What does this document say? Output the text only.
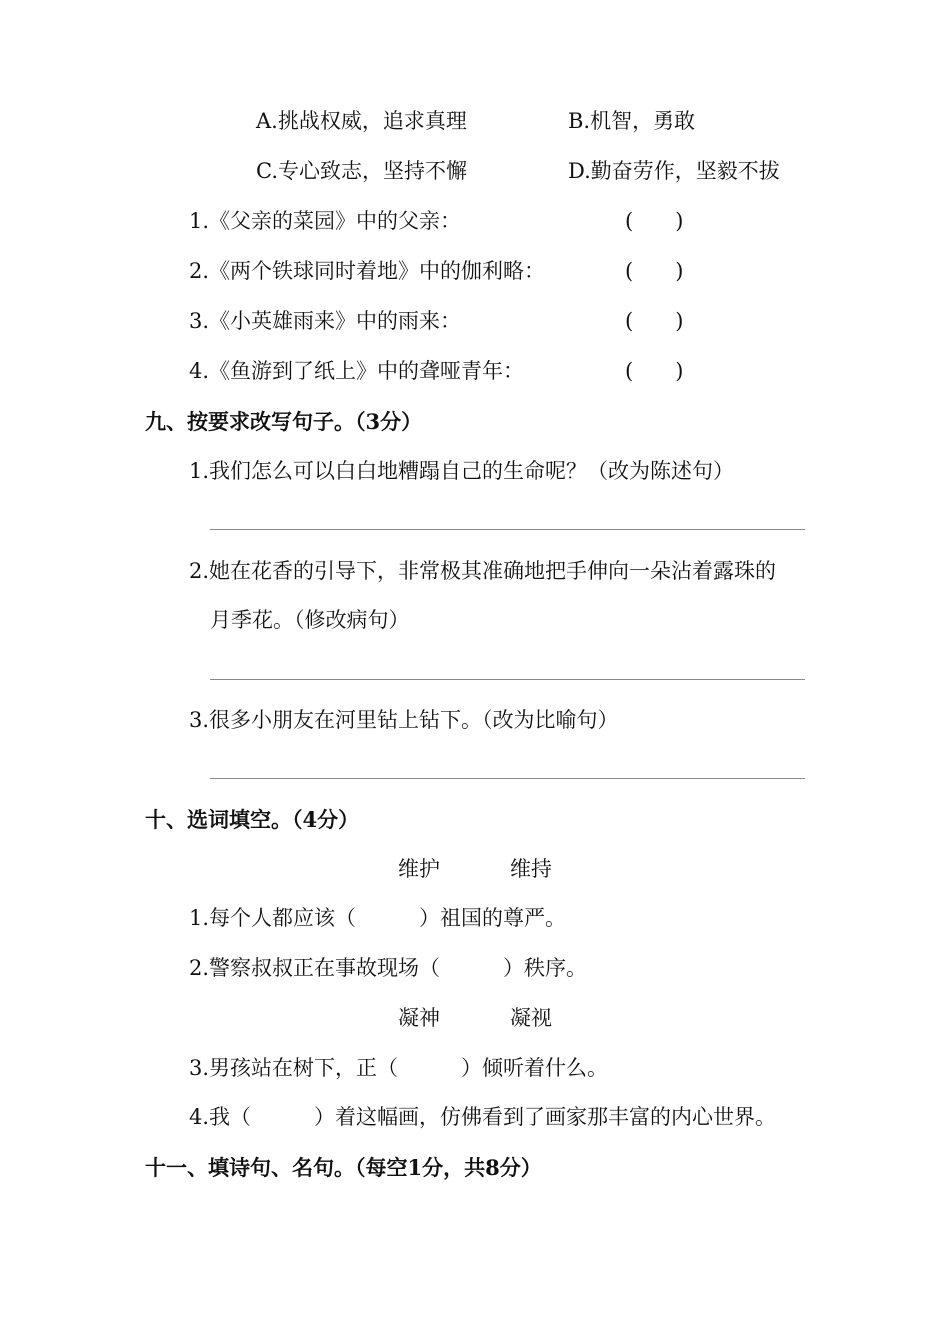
A.挑战权威，追求真理	B.机智，勇敢
C.专心致志，坚持不懈	D.勤奋劳作，坚毅不拔
1.《父亲的菜园》中的父亲：	(　　)
2.《两个铁球同时着地》中的伽利略：	(　　)
3.《小英雄雨来》中的雨来：	(　　)
4.《鱼游到了纸上》中的聋哑青年：	(　　)
九、按要求改写句子。（3分）
1.我们怎么可以白白地糟蹋自己的生命呢？（改为陈述句）
2.她在花香的引导下，非常极其准确地把手伸向一朵沾着露珠的
月季花。（修改病句）
3.很多小朋友在河里钻上钻下。（改为比喻句）
十、选词填空。（4分）
维护	维持
1.每个人都应该（　　　）祖国的尊严。
2.警察叔叔正在事故现场（　　　）秩序。
凝神	凝视
3.男孩站在树下，正（　　　）倾听着什么。
4.我（　　　）着这幅画，仿佛看到了画家那丰富的内心世界。
十一、填诗句、名句。（每空1分，共8分）
